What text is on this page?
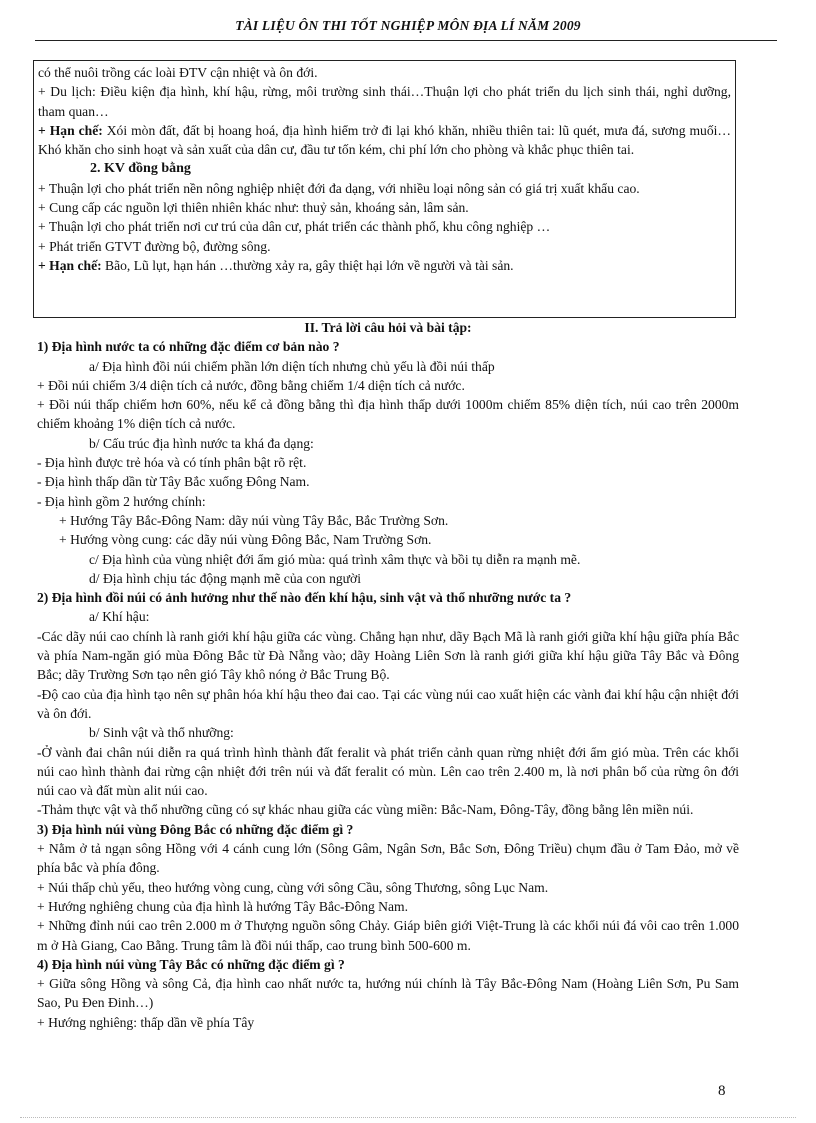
TÀI LIỆU ÔN THI TỐT NGHIỆP MÔN ĐỊA LÍ NĂM 2009

có thể nuôi trồng các loài ĐTV cận nhiệt và ôn đới.

+ Du lịch: Điều kiện địa hình, khí hậu, rừng, môi trường sinh thái…Thuận lợi cho phát triển du lịch sinh thái, nghỉ dưỡng, tham quan…

+ Hạn chế: Xói mòn đất, đất bị hoang hoá, địa hình hiểm trở đi lại khó khăn, nhiều thiên tai: lũ quét, mưa đá, sương muối…Khó khăn cho sinh hoạt và sản xuất của dân cư, đầu tư tốn kém, chi phí lớn cho phòng và khắc phục thiên tai.

2. KV đồng bằng

+ Thuận lợi cho phát triển nền nông nghiệp nhiệt đới đa dạng, với nhiều loại nông sản có giá trị xuất khẩu cao.

+ Cung cấp các nguồn lợi thiên nhiên khác như: thuỷ sản, khoáng sản, lâm sản.

+ Thuận lợi cho phát triển nơi cư trú của dân cư, phát triển các thành phố, khu công nghiệp …

+ Phát triển GTVT đường bộ, đường sông.

+ Hạn chế: Bão, Lũ lụt, hạn hán …thường xảy ra, gây thiệt hại lớn về người và tài sản.

II. Trả lời câu hỏi và bài tập:

1) Địa hình nước ta có những đặc điểm cơ bản nào ?

a/ Địa hình đồi núi chiếm phần lớn diện tích nhưng chủ yếu là đồi núi thấp

+ Đồi núi chiếm 3/4 diện tích cả nước, đồng bằng chiếm 1/4 diện tích cả nước.

+ Đồi núi thấp chiếm hơn 60%, nếu kể cả đồng bằng thì địa hình thấp dưới 1000m chiếm 85% diện tích, núi cao trên 2000m chiếm khoảng 1% diện tích cả nước.

b/ Cấu trúc địa hình nước ta khá đa dạng:

- Địa hình được trẻ hóa và có tính phân bật rõ rệt.

- Địa hình thấp dần từ Tây Bắc xuống Đông Nam.

- Địa hình gồm 2 hướng chính:

+ Hướng Tây Bắc-Đông Nam: dãy núi vùng Tây Bắc, Bắc Trường Sơn.

+ Hướng vòng cung: các dãy núi vùng Đông Bắc, Nam Trường Sơn.

c/ Địa hình của vùng nhiệt đới ẩm gió mùa: quá trình xâm thực và bồi tụ diễn ra mạnh mẽ.

d/ Địa hình chịu tác động mạnh mẽ của con người

2) Địa hình đồi núi có ảnh hưởng như thế nào đến khí hậu, sinh vật và thổ nhưỡng nước ta ?

a/ Khí hậu:

-Các dãy núi cao chính là ranh giới khí hậu giữa các vùng. Chẳng hạn như, dãy Bạch Mã là ranh giới giữa khí hậu giữa phía Bắc và phía Nam-ngăn gió mùa Đông Bắc từ Đà Nẵng vào; dãy Hoàng Liên Sơn là ranh giới giữa khí hậu giữa Tây Bắc và Đông Bắc; dãy Trường Sơn tạo nên gió Tây khô nóng ở Bắc Trung Bộ.

-Độ cao của địa hình tạo nên sự phân hóa khí hậu theo đai cao. Tại các vùng núi cao xuất hiện các vành đai khí hậu cận nhiệt đới và ôn đới.

b/ Sinh vật và thổ nhưỡng:

-Ở vành đai chân núi diễn ra quá trình hình thành đất feralit và phát triển cảnh quan rừng nhiệt đới ẩm gió mùa. Trên các khối núi cao hình thành đai rừng cận nhiệt đới trên núi và đất feralit có mùn. Lên cao trên 2.400 m, là nơi phân bố của rừng ôn đới núi cao và đất mùn alit núi cao.

-Thảm thực vật và thổ nhưỡng cũng có sự khác nhau giữa các vùng miền: Bắc-Nam, Đông-Tây, đồng bằng lên miền núi.

3) Địa hình núi vùng Đông Bắc có những đặc điểm gì ?

+ Nằm ở tả ngạn sông Hồng với 4 cánh cung lớn (Sông Gâm, Ngân Sơn, Bắc Sơn, Đông Triều) chụm đầu ở Tam Đảo, mở về phía bắc và phía đông.

+ Núi thấp chủ yếu, theo hướng vòng cung, cùng với sông Cầu, sông Thương, sông Lục Nam.

+ Hướng nghiêng chung của địa hình là hướng Tây Bắc-Đông Nam.

+ Những đỉnh núi cao trên 2.000 m ở Thượng nguồn sông Chảy. Giáp biên giới Việt-Trung là các khối núi đá vôi cao trên 1.000 m ở Hà Giang, Cao Bằng. Trung tâm là đồi núi thấp, cao trung bình 500-600 m.

4) Địa hình núi vùng Tây Bắc có những đặc điểm gì ?

+ Giữa sông Hồng và sông Cả, địa hình cao nhất nước ta, hướng núi chính là Tây Bắc-Đông Nam (Hoàng Liên Sơn, Pu Sam Sao, Pu Đen Đinh…)

+ Hướng nghiêng: thấp dần về phía Tây

8
